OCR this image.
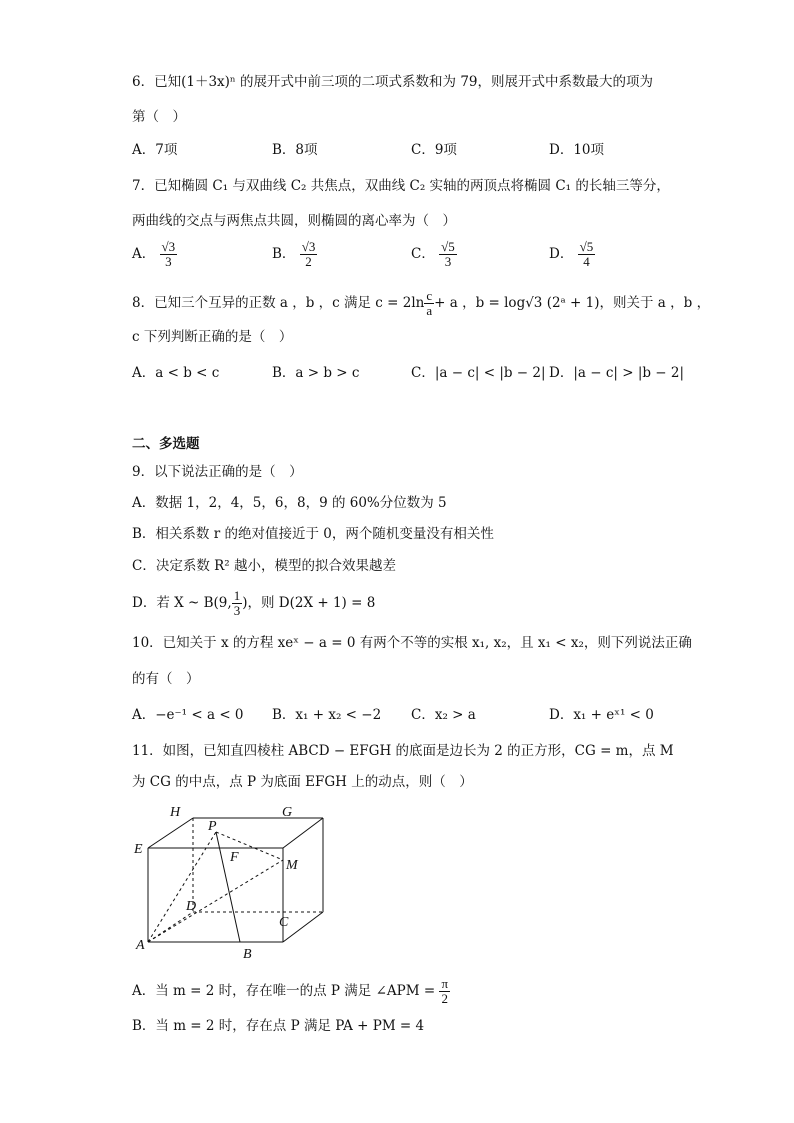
6．已知(1＋3x)ⁿ 的展开式中前三项的二项式系数和为 79，则展开式中系数最大的项为
第（　）
A．7项	B．8项	C．9项	D．10项
7．已知椭圆 C₁ 与双曲线 C₂ 共焦点，双曲线 C₂ 实轴的两顶点将椭圆 C₁ 的长轴三等分，
两曲线的交点与两焦点共圆，则椭圆的离心率为（　）
A． $\frac{√3}{3}$	B． $\frac{√3}{2}$	C． $\frac{√5}{3}$	D． $\frac{√5}{4}$
8．已知三个互异的正数 a ，b ，c 满足 $c = 2\ln \frac{c}{a} + a$ ，b = log√3 (2ᵃ + 1)，则关于 a ，b ，
c 下列判断正确的是（　）
A．a < b < c	B．a > b > c	C．|a − c| < |b − 2| D．|a − c| > |b − 2|
二、多选题
9．以下说法正确的是（　）
A．数据 1，2，4，5，6，8，9 的 60%分位数为 5
B．相关系数 r 的绝对值接近于 0，两个随机变量没有相关性
C．决定系数 R² 越小，模型的拟合效果越差
D．若 X ~ B(9, $\frac{1}{3}$ )，则 D(2X + 1) = 8
10．已知关于 x 的方程 xeˣ − a = 0 有两个不等的实根 x₁, x₂，且 x₁ < x₂，则下列说法正确
的有（　）
A．−e⁻¹ < a < 0 B．x₁ + x₂ < −2 C．x₂ > a	D．x₁ + eˣ¹ < 0
11．如图，已知直四棱柱 ABCD − EFGH 的底面是边长为 2 的正方形，CG = m，点 M
为 CG 的中点，点 P 为底面 EFGH 上的动点，则（　）
H	G
P
E
F
M
D
C
A
B
A．当 m = 2 时，存在唯一的点 P 满足 ∠APM = $\frac{\pi}{2}$
B．当 m = 2 时，存在点 P 满足 PA + PM = 4
